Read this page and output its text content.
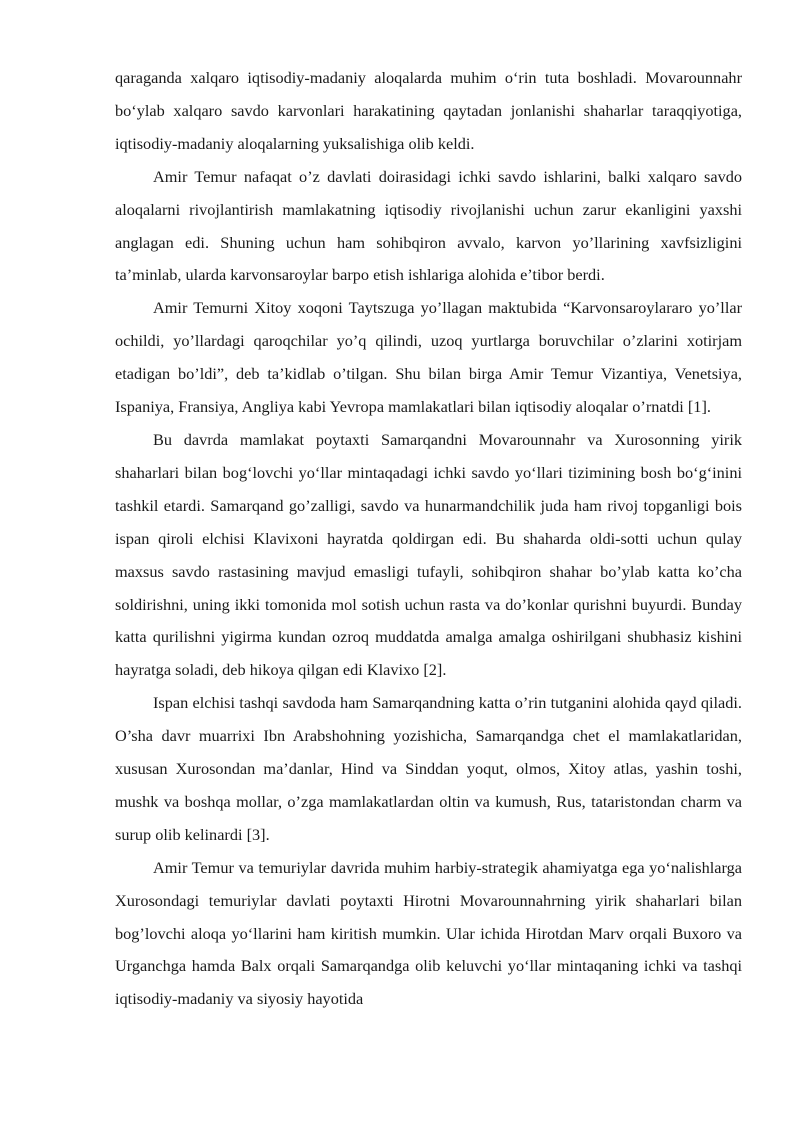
qaraganda xalqaro iqtisodiy-madaniy aloqalarda muhim o‘rin tuta boshladi. Movarounnahr bo‘ylab xalqaro savdo karvonlari harakatining qaytadan jonlanishi shaharlar taraqqiyotiga, iqtisodiy-madaniy aloqalarning yuksalishiga olib keldi.

Amir Temur nafaqat o’z davlati doirasidagi ichki savdo ishlarini, balki xalqaro savdo aloqalarni rivojlantirish mamlakatning iqtisodiy rivojlanishi uchun zarur ekanligini yaxshi anglagan edi. Shuning uchun ham sohibqiron avvalo, karvon yo’llarining xavfsizligini ta’minlab, ularda karvonsaroylar barpo etish ishlariga alohida e’tibor berdi.

Amir Temurni Xitoy xoqoni Taytszuga yo’llagan maktubida “Karvonsaroylararo yo’llar ochildi, yo’llardagi qaroqchilar yo’q qilindi, uzoq yurtlarga boruvchilar o’zlarini xotirjam etadigan bo’ldi”, deb ta’kidlab o’tilgan. Shu bilan birga Amir Temur Vizantiya, Venetsiya, Ispaniya, Fransiya, Angliya kabi Yevropa mamlakatlari bilan iqtisodiy aloqalar o’rnatdi [1].

Bu davrda mamlakat poytaxti Samarqandni Movarounnahr va Xurosonning yirik shaharlari bilan bog‘lovchi yo‘llar mintaqadagi ichki savdo yo‘llari tizimining bosh bo‘g‘inini tashkil etardi. Samarqand go’zalligi, savdo va hunarmandchilik juda ham rivoj topganligi bois ispan qiroli elchisi Klavixoni hayratda qoldirgan edi. Bu shaharda oldi-sotti uchun qulay maxsus savdo rastasining mavjud emasligi tufayli, sohibqiron shahar bo’ylab katta ko’cha soldirishni, uning ikki tomonida mol sotish uchun rasta va do’konlar qurishni buyurdi. Bunday katta qurilishni yigirma kundan ozroq muddatda amalga amalga oshirilgani shubhasiz kishini hayratga soladi, deb hikoya qilgan edi Klavixo [2].

Ispan elchisi tashqi savdoda ham Samarqandning katta o’rin tutganini alohida qayd qiladi. O’sha davr muarrixi Ibn Arabshohning yozishicha, Samarqandga chet el mamlakatlaridan, xususan Xurosondan ma’danlar, Hind va Sinddan yoqut, olmos, Xitoy atlas, yashin toshi, mushk va boshqa mollar, o’zga mamlakatlardan oltin va kumush, Rus, tataristondan charm va surup olib kelinardi [3].

Amir Temur va temuriylar davrida muhim harbiy-strategik ahamiyatga ega yo‘nalishlarga Xurosondagi temuriylar davlati poytaxti Hirotni Movarounnahrning yirik shaharlari bilan bog’lovchi aloqa yo‘llarini ham kiritish mumkin. Ular ichida Hirotdan Marv orqali Buxoro va Urganchga hamda Balx orqali Samarqandga olib keluvchi yo‘llar mintaqaning ichki va tashqi iqtisodiy-madaniy va siyosiy hayotida
